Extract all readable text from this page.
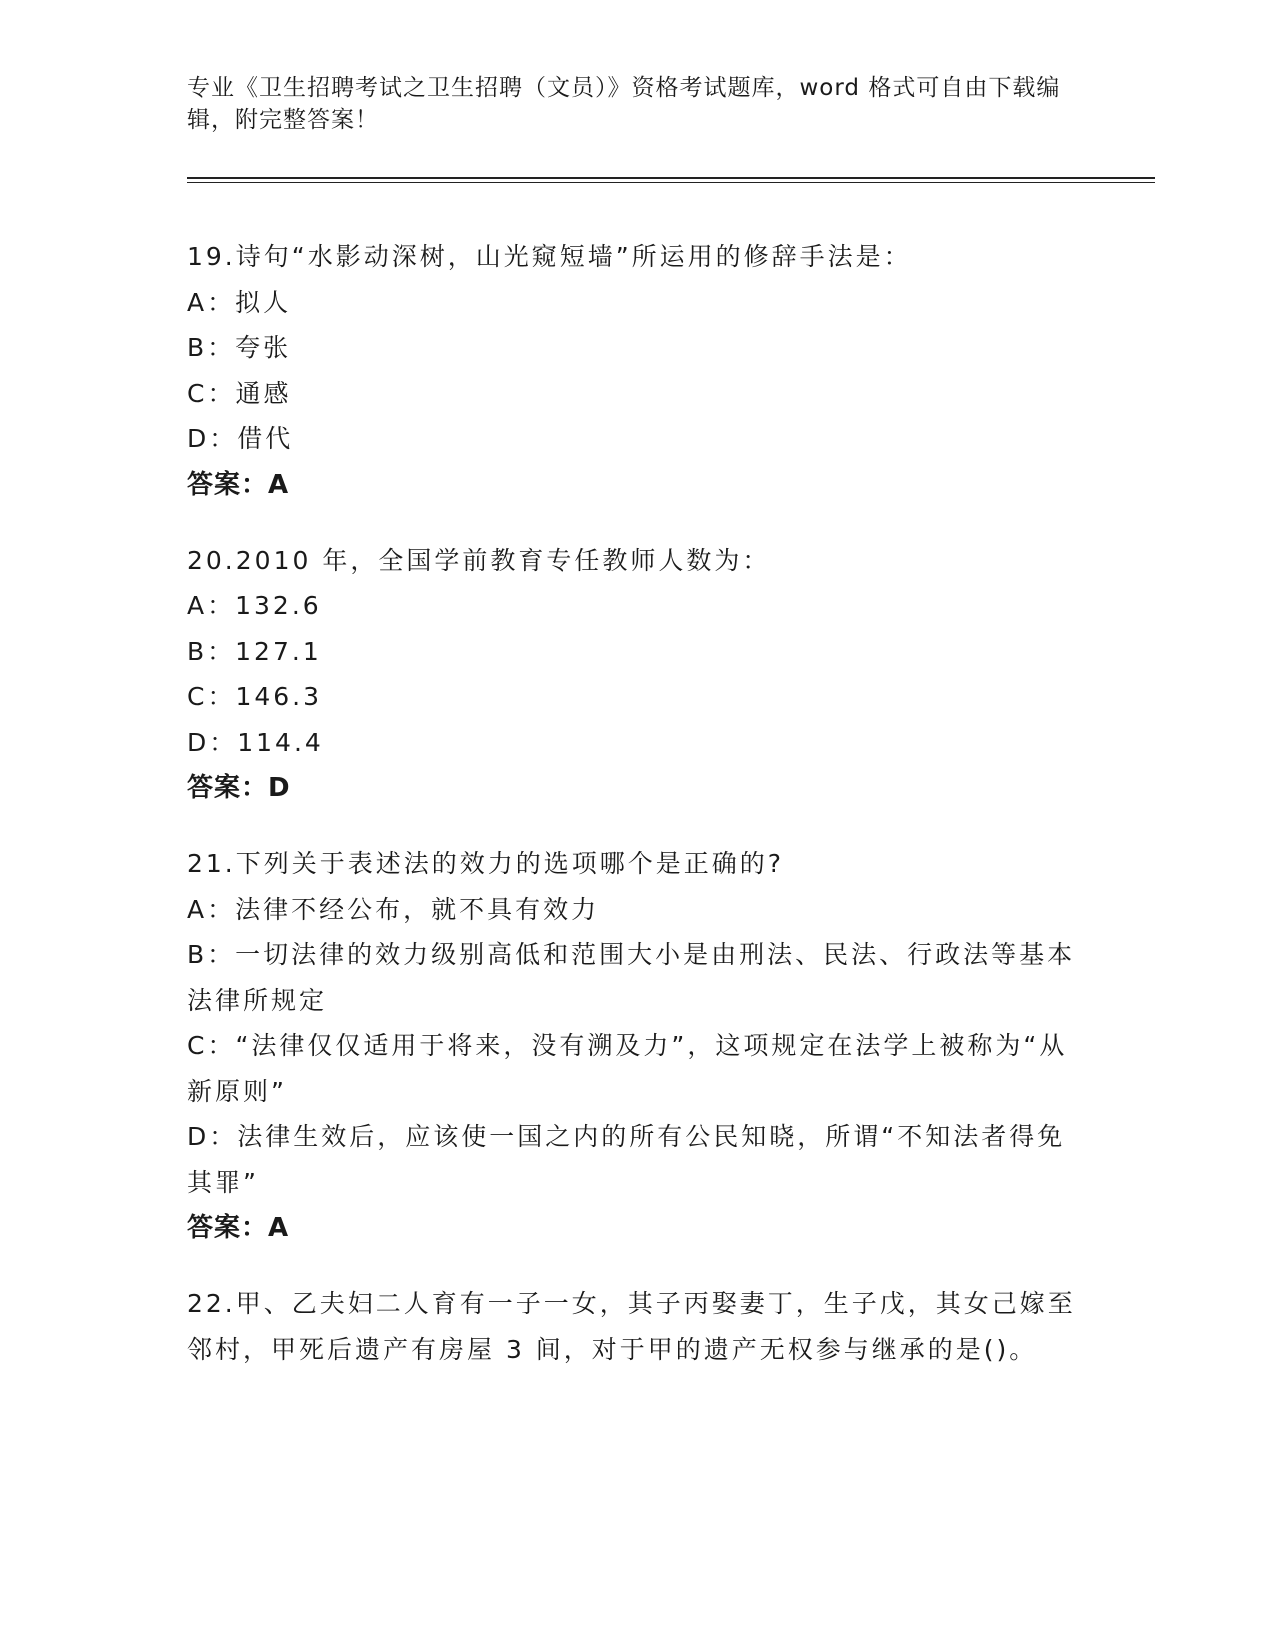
专业《卫生招聘考试之卫生招聘（文员）》资格考试题库，word 格式可自由下载编辑，附完整答案！
19.诗句“水影动深树，山光窥短墙”所运用的修辞手法是：
A：拟人
B：夸张
C：通感
D：借代
答案：A
20.2010 年，全国学前教育专任教师人数为：
A：132.6
B：127.1
C：146.3
D：114.4
答案：D
21.下列关于表述法的效力的选项哪个是正确的?
A：法律不经公布，就不具有效力
B：一切法律的效力级别高低和范围大小是由刑法、民法、行政法等基本法律所规定
C：“法律仅仅适用于将来，没有溯及力”，这项规定在法学上被称为“从新原则”
D：法律生效后，应该使一国之内的所有公民知晓，所谓“不知法者得免其罪”
答案：A
22.甲、乙夫妇二人育有一子一女，其子丙娶妻丁，生子戊，其女己嫁至邻村，甲死后遗产有房屋 3 间，对于甲的遗产无权参与继承的是()。
